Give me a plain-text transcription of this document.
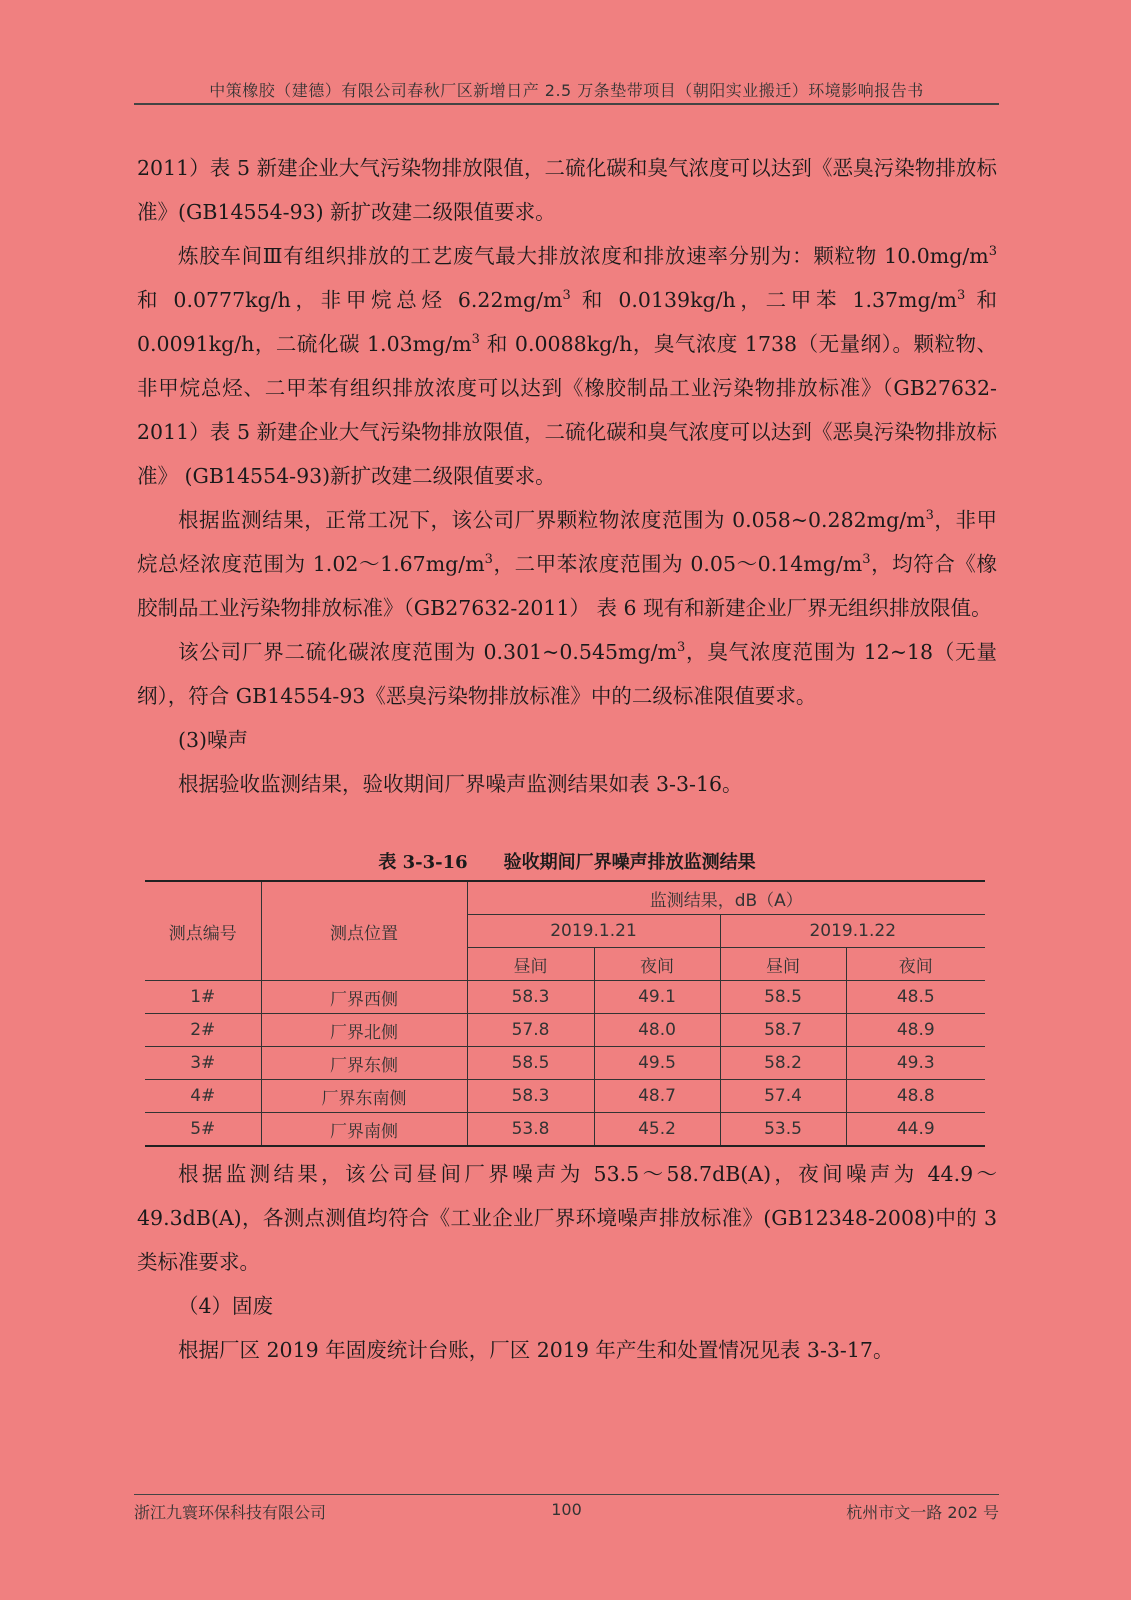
中策橡胶（建德）有限公司春秋厂区新增日产 2.5 万条垫带项目（朝阳实业搬迁）环境影响报告书

2011）表 5 新建企业大气污染物排放限值，二硫化碳和臭气浓度可以达到《恶臭污染物排放标准》(GB14554-93) 新扩改建二级限值要求。

炼胶车间Ⅲ有组织排放的工艺废气最大排放浓度和排放速率分别为：颗粒物 $10.0mg/m^3$ 和 0.0777kg/h，非甲烷总烃 $6.22mg/m^3$ 和 0.0139kg/h，二甲苯 $1.37mg/m^3$ 和 0.0091kg/h，二硫化碳 $1.03mg/m^3$ 和 0.0088kg/h，臭气浓度 1738（无量纲）。颗粒物、非甲烷总烃、二甲苯有组织排放浓度可以达到《橡胶制品工业污染物排放标准》（GB27632-2011）表 5 新建企业大气污染物排放限值，二硫化碳和臭气浓度可以达到《恶臭污染物排放标准》 (GB14554-93)新扩改建二级限值要求。

根据监测结果，正常工况下，该公司厂界颗粒物浓度范围为 $0.058\sim 0.282mg/m^3$，非甲烷总烃浓度范围为 $1.02\sim 1.67mg/m^3$，二甲苯浓度范围为 $0.05\sim 0.14mg/m^3$，均符合《橡胶制品工业污染物排放标准》（GB27632-2011） 表 6 现有和新建企业厂界无组织排放限值。

该公司厂界二硫化碳浓度范围为 $0.301\sim 0.545mg/m^3$，臭气浓度范围为 12~18（无量纲），符合 GB14554-93《恶臭污染物排放标准》中的二级标准限值要求。

(3)噪声

根据验收监测结果，验收期间厂界噪声监测结果如表 3-3-16。

表 3-3-16　　验收期间厂界噪声排放监测结果
测点编号	测点位置	监测结果，dB（A）			
		2019.1.21		2019.1.22	
		昼间	夜间	昼间	夜间
1#	厂界西侧	58.3	49.1	58.5	48.5
2#	厂界北侧	57.8	48.0	58.7	48.9
3#	厂界东侧	58.5	49.5	58.2	49.3
4#	厂界东南侧	58.3	48.7	57.4	48.8
5#	厂界南侧	53.8	45.2	53.5	44.9

根据监测结果，该公司昼间厂界噪声为 53.5～58.7dB(A)，夜间噪声为 44.9～49.3dB(A)，各测点测值均符合《工业企业厂界环境噪声排放标准》(GB12348-2008)中的 3 类标准要求。

（4）固废

根据厂区 2019 年固废统计台账，厂区 2019 年产生和处置情况见表 3-3-17。

浙江九寰环保科技有限公司	100	杭州市文一路 202 号
